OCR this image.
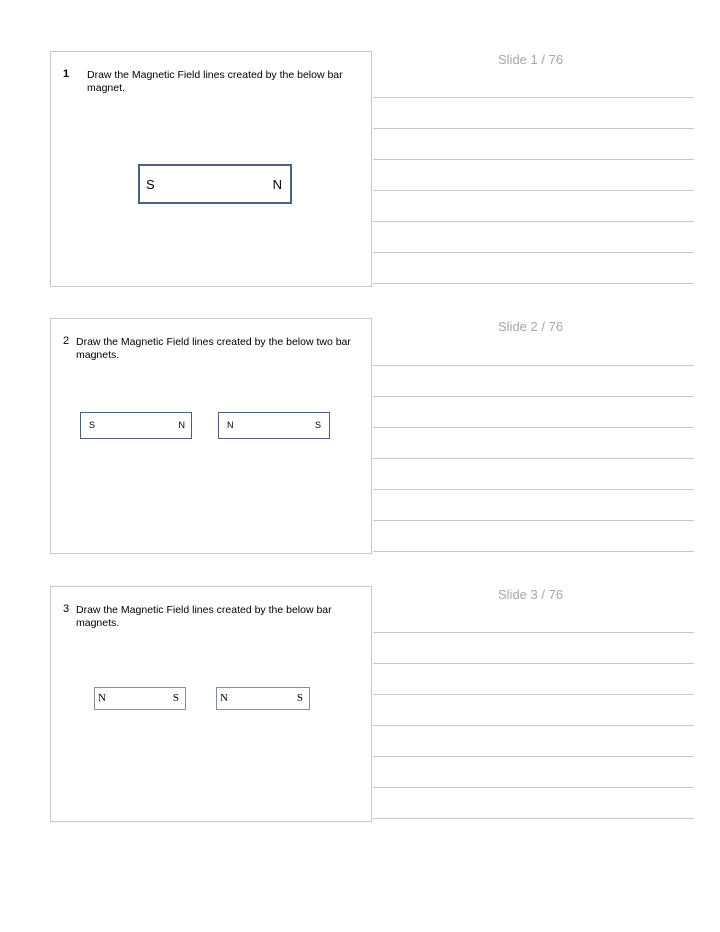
Slide 1 / 76
1 Draw the Magnetic Field lines created by the below bar magnet.
S	N
Slide 2 / 76
2 Draw the Magnetic Field lines created by the below two bar magnets.
S	N	N	S
Slide 3 / 76
3 Draw the Magnetic Field lines created by the below bar magnets.
N	S	N	S
